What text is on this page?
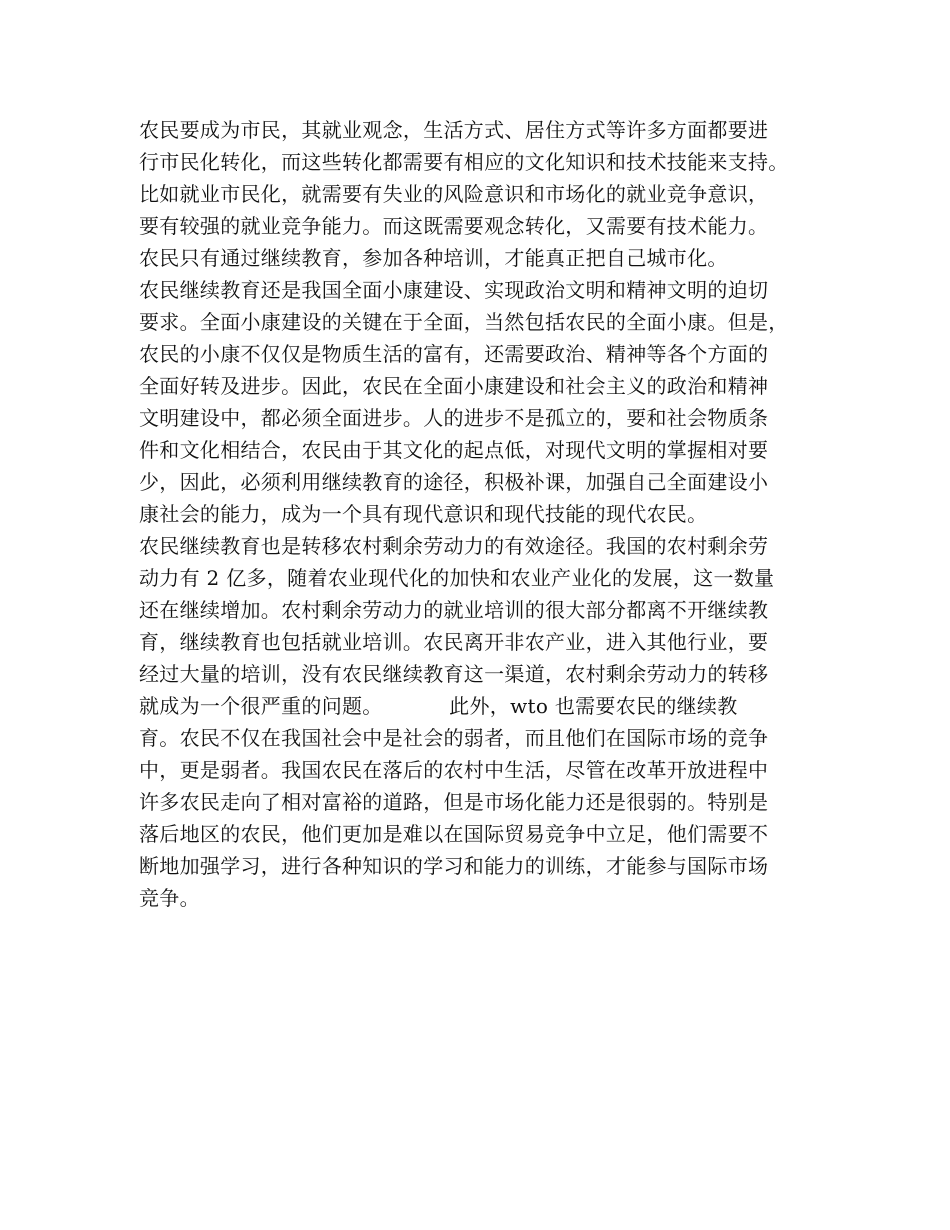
农民要成为市民，其就业观念，生活方式、居住方式等许多方面都要进
行市民化转化，而这些转化都需要有相应的文化知识和技术技能来支持。
比如就业市民化，就需要有失业的风险意识和市场化的就业竞争意识，
要有较强的就业竞争能力。而这既需要观念转化，又需要有技术能力。
农民只有通过继续教育，参加各种培训，才能真正把自己城市化。
农民继续教育还是我国全面小康建设、实现政治文明和精神文明的迫切
要求。全面小康建设的关键在于全面，当然包括农民的全面小康。但是，
农民的小康不仅仅是物质生活的富有，还需要政治、精神等各个方面的
全面好转及进步。因此，农民在全面小康建设和社会主义的政治和精神
文明建设中，都必须全面进步。人的进步不是孤立的，要和社会物质条
件和文化相结合，农民由于其文化的起点低，对现代文明的掌握相对要
少，因此，必须利用继续教育的途径，积极补课，加强自己全面建设小
康社会的能力，成为一个具有现代意识和现代技能的现代农民。
农民继续教育也是转移农村剩余劳动力的有效途径。我国的农村剩余劳
动力有 2 亿多，随着农业现代化的加快和农业产业化的发展，这一数量
还在继续增加。农村剩余劳动力的就业培训的很大部分都离不开继续教
育，继续教育也包括就业培训。农民离开非农产业，进入其他行业，要
经过大量的培训，没有农民继续教育这一渠道，农村剩余劳动力的转移
就成为一个很严重的问题。          此外，wto 也需要农民的继续教
育。农民不仅在我国社会中是社会的弱者，而且他们在国际市场的竞争
中，更是弱者。我国农民在落后的农村中生活，尽管在改革开放进程中
许多农民走向了相对富裕的道路，但是市场化能力还是很弱的。特别是
落后地区的农民，他们更加是难以在国际贸易竞争中立足，他们需要不
断地加强学习，进行各种知识的学习和能力的训练，才能参与国际市场
竞争。
